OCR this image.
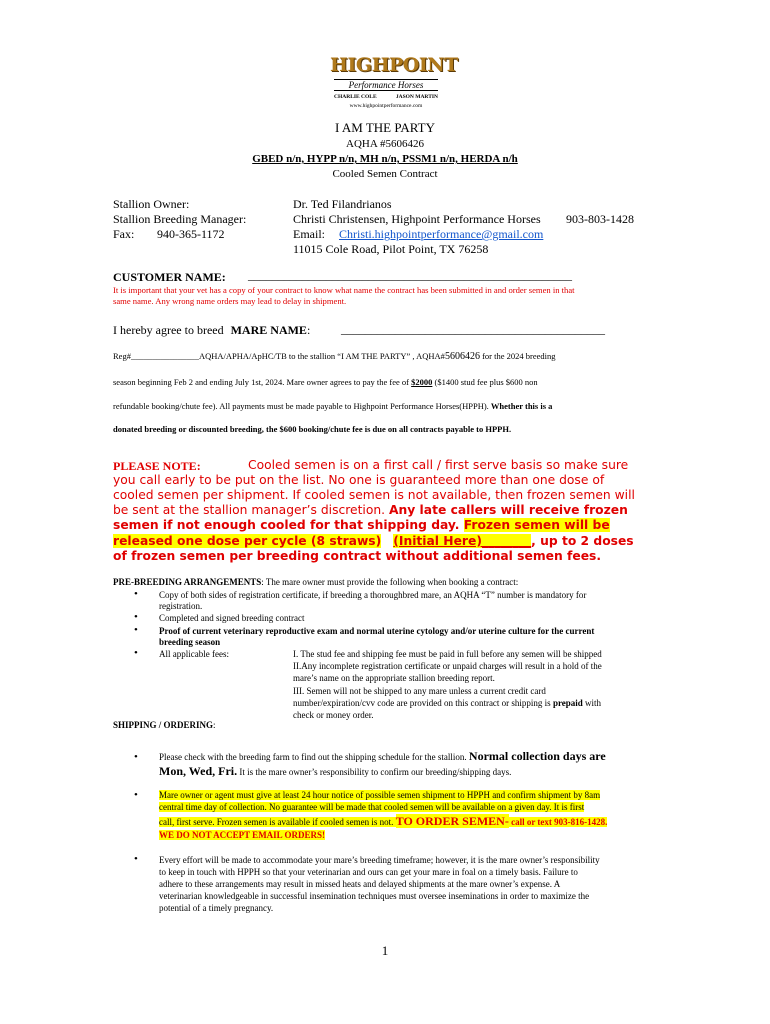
HIGHPOINT
Performance Horses
CHARLIE COLE	JASON MARTIN
www.highpointperformance.com
I AM THE PARTY
AQHA #5606426
GBED n/n, HYPP n/n, MH n/n, PSSM1 n/n, HERDA n/h
Cooled Semen Contract
Stallion Owner:	Dr. Ted Filandrianos
Stallion Breeding Manager:	Christi Christensen, Highpoint Performance Horses 903-803-1428
Fax: 940-365-1172	Email: Christi.highpointperformance@gmail.com
11015 Cole Road, Pilot Point, TX 76258
CUSTOMER NAME: ______________________________________________________
It is important that your vet has a copy of your contract to know what name the contract has been submitted in and order semen in that
same name. Any wrong name orders may lead to delay in shipment.
I hereby agree to breed MARE NAME:	____________________________________________
Reg#________________AQHA/APHA/ApHC/TB to the stallion “I AM THE PARTY” , AQHA#5606426 for the 2024 breeding
season beginning Feb 2 and ending July 1st, 2024. Mare owner agrees to pay the fee of $2000 ($1400 stud fee plus $600 non
refundable booking/chute fee). All payments must be made payable to Highpoint Performance Horses(HPPH). Whether this is a
donated breeding or discounted breeding, the $600 booking/chute fee is due on all contracts payable to HPPH.
PLEASE NOTE:	Cooled semen is on a first call / first serve basis so make sure
you call early to be put on the list. No one is guaranteed more than one dose of
cooled semen per shipment. If cooled semen is not available, then frozen semen will
be sent at the stallion manager’s discretion. Any late callers will receive frozen
semen if not enough cooled for that shipping day. Frozen semen will be
released one dose per cycle (8 straws) (Initial Here)________, up to 2 doses
of frozen semen per breeding contract without additional semen fees.
PRE-BREEDING ARRANGEMENTS: The mare owner must provide the following when booking a contract:
• Copy of both sides of registration certificate, if breeding a thoroughbred mare, an AQHA “T” number is mandatory for
registration.
• Completed and signed breeding contract
• Proof of current veterinary reproductive exam and normal uterine cytology and/or uterine culture for the current
breeding season
• All applicable fees:	I. The stud fee and shipping fee must be paid in full before any semen will be shipped
II.Any incomplete registration certificate or unpaid charges will result in a hold of the
mare’s name on the appropriate stallion breeding report.
III. Semen will not be shipped to any mare unless a current credit card
number/expiration/cvv code are provided on this contract or shipping is prepaid with
check or money order.
SHIPPING / ORDERING:
• Please check with the breeding farm to find out the shipping schedule for the stallion. Normal collection days are
Mon, Wed, Fri. It is the mare owner’s responsibility to confirm our breeding/shipping days.
• Mare owner or agent must give at least 24 hour notice of possible semen shipment to HPPH and confirm shipment by 8am
central time day of collection. No guarantee will be made that cooled semen will be available on a given day. It is first
call, first serve. Frozen semen is available if cooled semen is not. TO ORDER SEMEN- call or text 903-816-1428.
WE DO NOT ACCEPT EMAIL ORDERS!
• Every effort will be made to accommodate your mare’s breeding timeframe; however, it is the mare owner’s responsibility
to keep in touch with HPPH so that your veterinarian and ours can get your mare in foal on a timely basis. Failure to
adhere to these arrangements may result in missed heats and delayed shipments at the mare owner’s expense. A
veterinarian knowledgeable in successful insemination techniques must oversee inseminations in order to maximize the
potential of a timely pregnancy.
1
